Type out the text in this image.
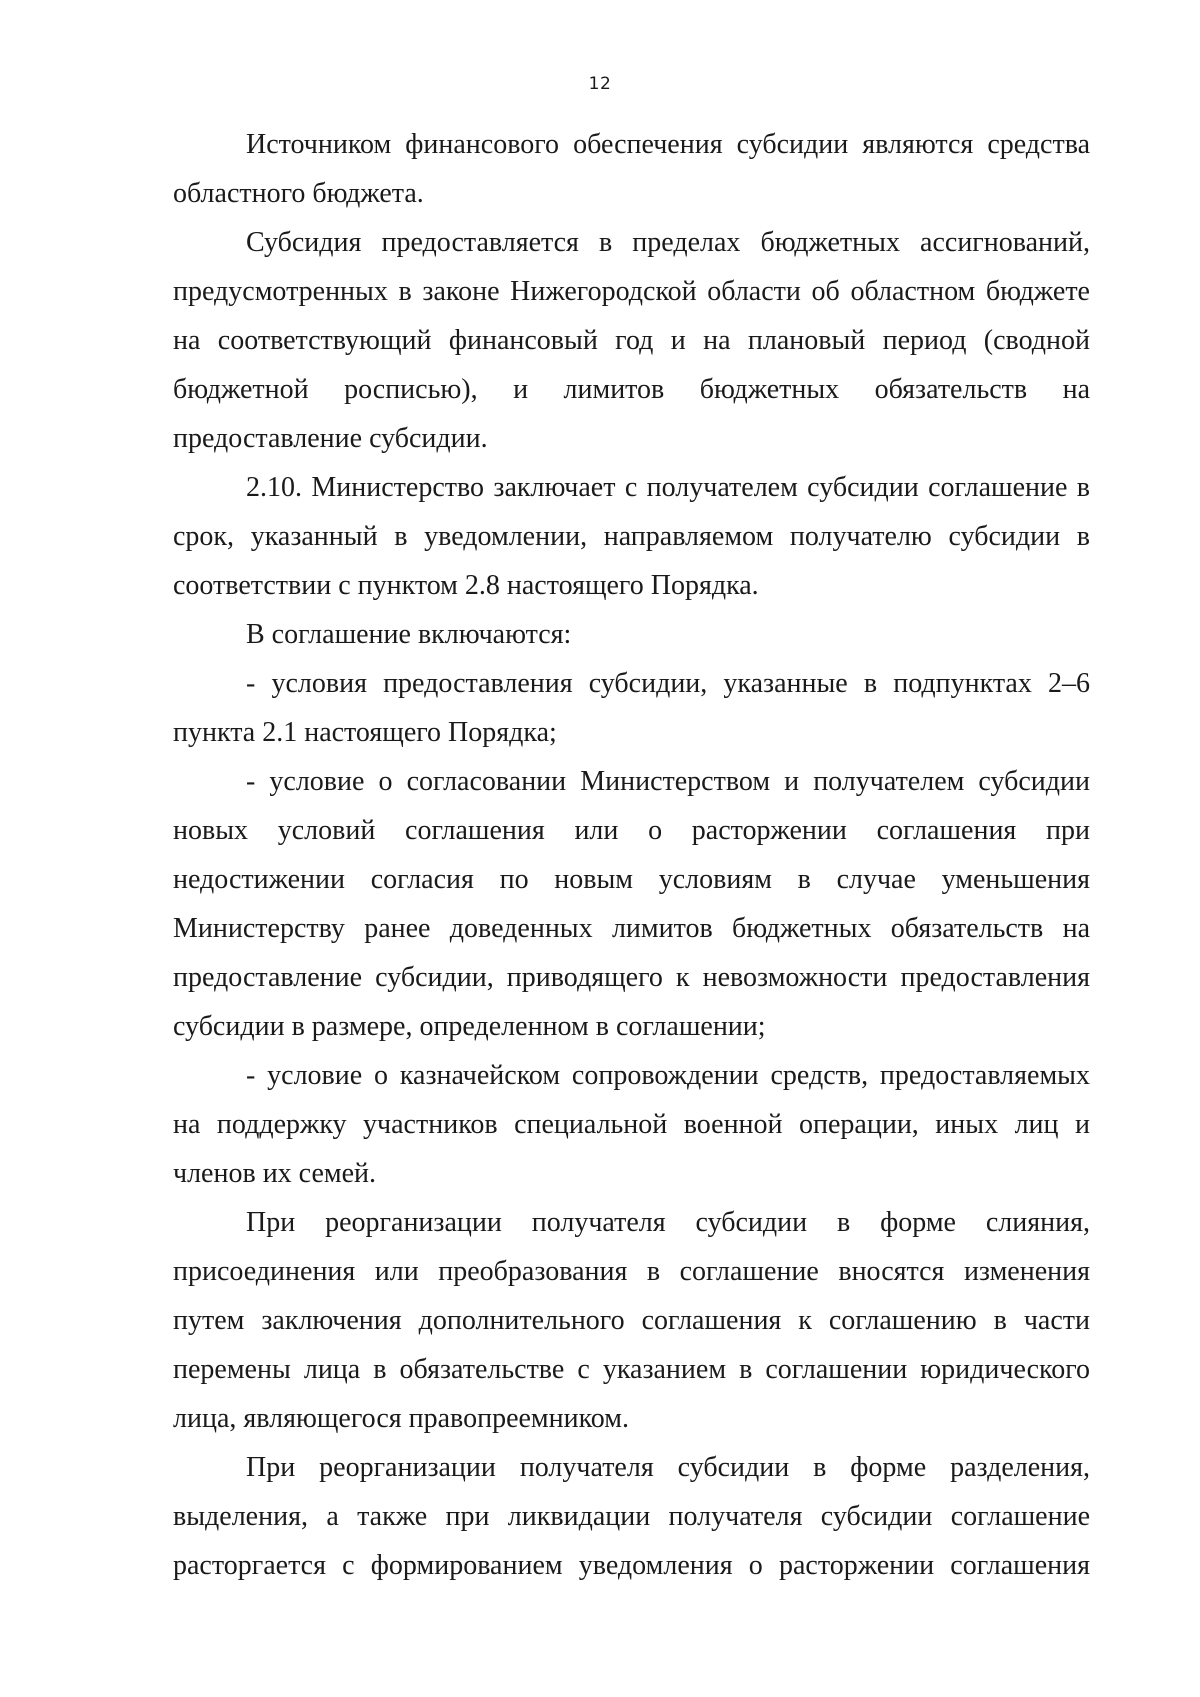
12

Источником финансового обеспечения субсидии являются средства областного бюджета.

Субсидия предоставляется в пределах бюджетных ассигнований, предусмотренных в законе Нижегородской области об областном бюджете на соответствующий финансовый год и на плановый период (сводной бюджетной росписью), и лимитов бюджетных обязательств на предоставление субсидии.

2.10. Министерство заключает с получателем субсидии соглашение в срок, указанный в уведомлении, направляемом получателю субсидии в соответствии с пунктом 2.8 настоящего Порядка.

В соглашение включаются:

- условия предоставления субсидии, указанные в подпунктах 2–6 пункта 2.1 настоящего Порядка;

- условие о согласовании Министерством и получателем субсидии новых условий соглашения или о расторжении соглашения при недостижении согласия по новым условиям в случае уменьшения Министерству ранее доведенных лимитов бюджетных обязательств на предоставление субсидии, приводящего к невозможности предоставления субсидии в размере, определенном в соглашении;

- условие о казначейском сопровождении средств, предоставляемых на поддержку участников специальной военной операции, иных лиц и членов их семей.

При реорганизации получателя субсидии в форме слияния, присоединения или преобразования в соглашение вносятся изменения путем заключения дополнительного соглашения к соглашению в части перемены лица в обязательстве с указанием в соглашении юридического лица, являющегося правопреемником.

При реорганизации получателя субсидии в форме разделения, выделения, а также при ликвидации получателя субсидии соглашение расторгается с формированием уведомления о расторжении соглашения
